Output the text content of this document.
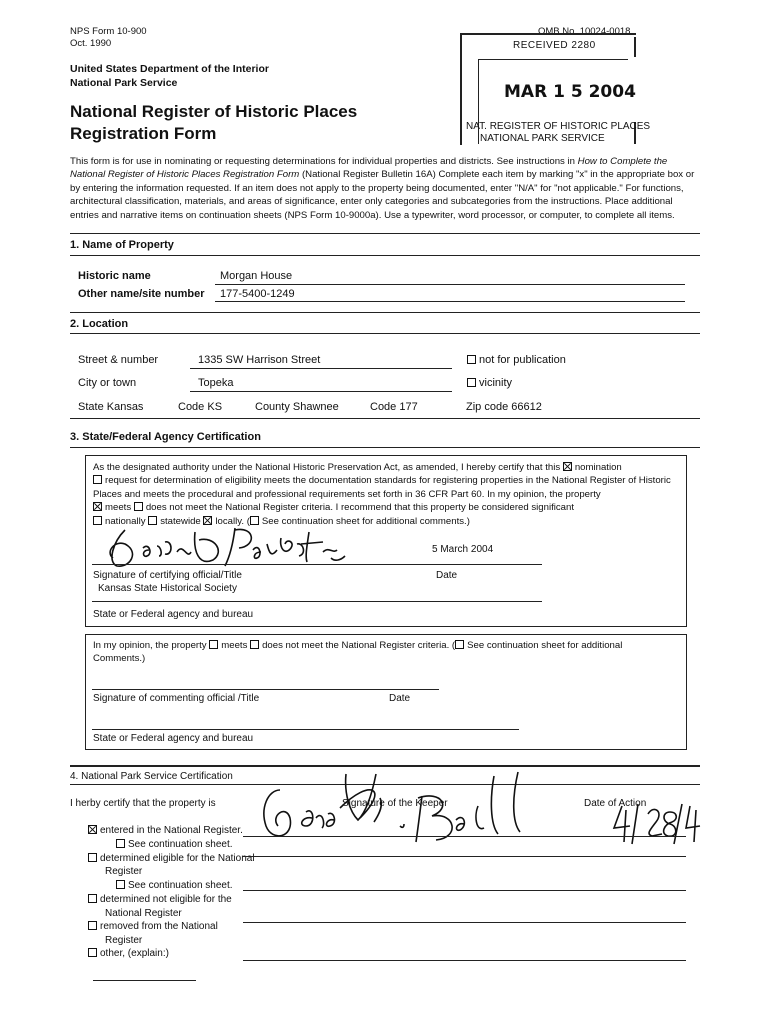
NPS Form 10-900
Oct. 1990
OMB No. 10024-0018
United States Department of the Interior
National Park Service
National Register of Historic Places
Registration Form
RECEIVED 2280
MAR 1 5 2004
NAT. REGISTER OF HISTORIC PLACES
NATIONAL PARK SERVICE
This form is for use in nominating or requesting determinations for individual properties and districts. See instructions in How to Complete the National Register of Historic Places Registration Form (National Register Bulletin 16A) Complete each item by marking "x" in the appropriate box or by entering the information requested. If an item does not apply to the property being documented, enter "N/A" for "not applicable." For functions, architectural classification, materials, and areas of significance, enter only categories and subcategories from the instructions. Place additional entries and narrative items on continuation sheets (NPS Form 10-9000a). Use a typewriter, word processor, or computer, to complete all items.
1. Name of Property
Historic name	Morgan House
Other name/site number 177-5400-1249
2. Location
Street & number	1335 SW Harrison Street	not for publication
City or town	Topeka	vicinity
State Kansas	Code KS	County Shawnee	Code 177	Zip code 66612
3. State/Federal Agency Certification
As the designated authority under the National Historic Preservation Act, as amended, I hereby certify that this nomination
request for determination of eligibility meets the documentation standards for registering properties in the National Register of Historic Places and meets the procedural and professional requirements set forth in 36 CFR Part 60. In my opinion, the property
meets does not meet the National Register criteria. I recommend that this property be considered significant
nationally statewide locally. ( See continuation sheet for additional comments.)
5 March 2004
Signature of certifying official/Title	Date
Kansas State Historical Society
State or Federal agency and bureau
In my opinion, the property meets does not meet the National Register criteria. ( See continuation sheet for additional Comments.)
Signature of commenting official /Title	Date
State or Federal agency and bureau
4. National Park Service Certification
I herby certify that the property is	Signature of the Keeper	Date of Action
entered in the National Register.
See continuation sheet.
determined eligible for the National
Register
See continuation sheet.
determined not eligible for the
National Register
removed from the National
Register
other, (explain:)
